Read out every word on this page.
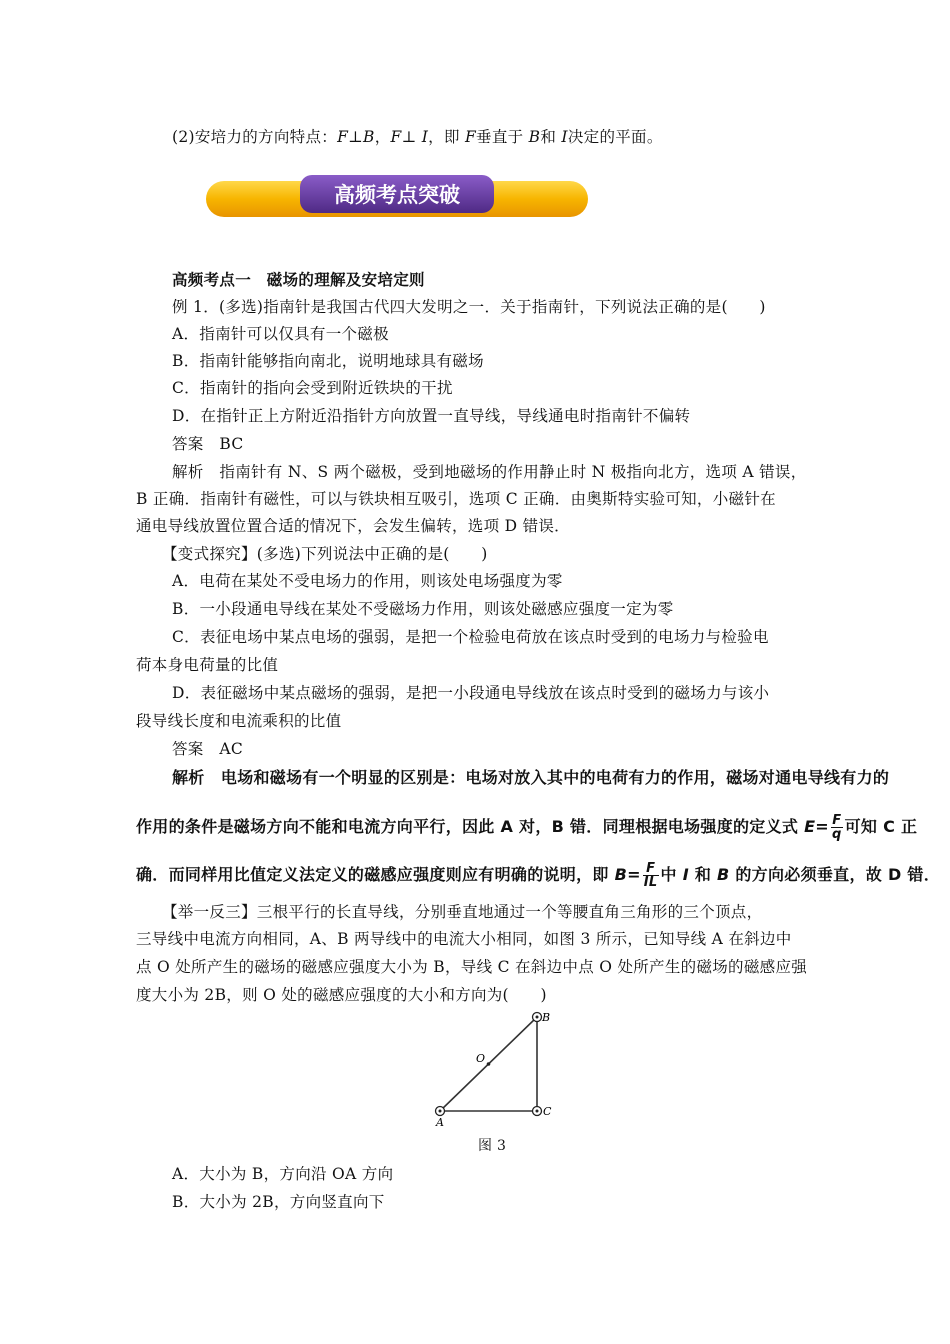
(2)安培力的方向特点：F⊥B，F⊥ I，即 F垂直于 B和 I决定的平面。
高频考点突破
高频考点一　磁场的理解及安培定则
例 1．(多选)指南针是我国古代四大发明之一．关于指南针，下列说法正确的是(　　)
A．指南针可以仅具有一个磁极
B．指南针能够指向南北，说明地球具有磁场
C．指南针的指向会受到附近铁块的干扰
D．在指针正上方附近沿指针方向放置一直导线，导线通电时指南针不偏转
答案　BC
解析　指南针有 N、S 两个磁极，受到地磁场的作用静止时 N 极指向北方，选项 A 错误，
B 正确．指南针有磁性，可以与铁块相互吸引，选项 C 正确．由奥斯特实验可知，小磁针在
通电导线放置位置合适的情况下，会发生偏转，选项 D 错误．
【变式探究】(多选)下列说法中正确的是(　　)
A．电荷在某处不受电场力的作用，则该处电场强度为零
B．一小段通电导线在某处不受磁场力作用，则该处磁感应强度一定为零
C．表征电场中某点电场的强弱，是把一个检验电荷放在该点时受到的电场力与检验电
荷本身电荷量的比值
D．表征磁场中某点磁场的强弱，是把一小段通电导线放在该点时受到的磁场力与该小
段导线长度和电流乘积的比值
答案　AC
解析　电场和磁场有一个明显的区别是：电场对放入其中的电荷有力的作用，磁场对通电导线有力的
作用的条件是磁场方向不能和电流方向平行，因此 A 对，B 错．同理根据电场强度的定义式 $E= \frac{F}{q}$ 可知 C 正
确．而同样用比值定义法定义的磁感应强度则应有明确的说明，即 $B= \frac{F}{IL}$ 中 I 和 B 的方向必须垂直，故 D 错．
【举一反三】三根平行的长直导线，分别垂直地通过一个等腰直角三角形的三个顶点，
三导线中电流方向相同，A、B 两导线中的电流大小相同，如图 3 所示，已知导线 A 在斜边中
点 O 处所产生的磁场的磁感应强度大小为 B，导线 C 在斜边中点 O 处所产生的磁场的磁感应强
度大小为 2B，则 O 处的磁感应强度的大小和方向为(　　)
A
B
C
O
图 3
A．大小为 B，方向沿 OA 方向
B．大小为 2B，方向竖直向下
